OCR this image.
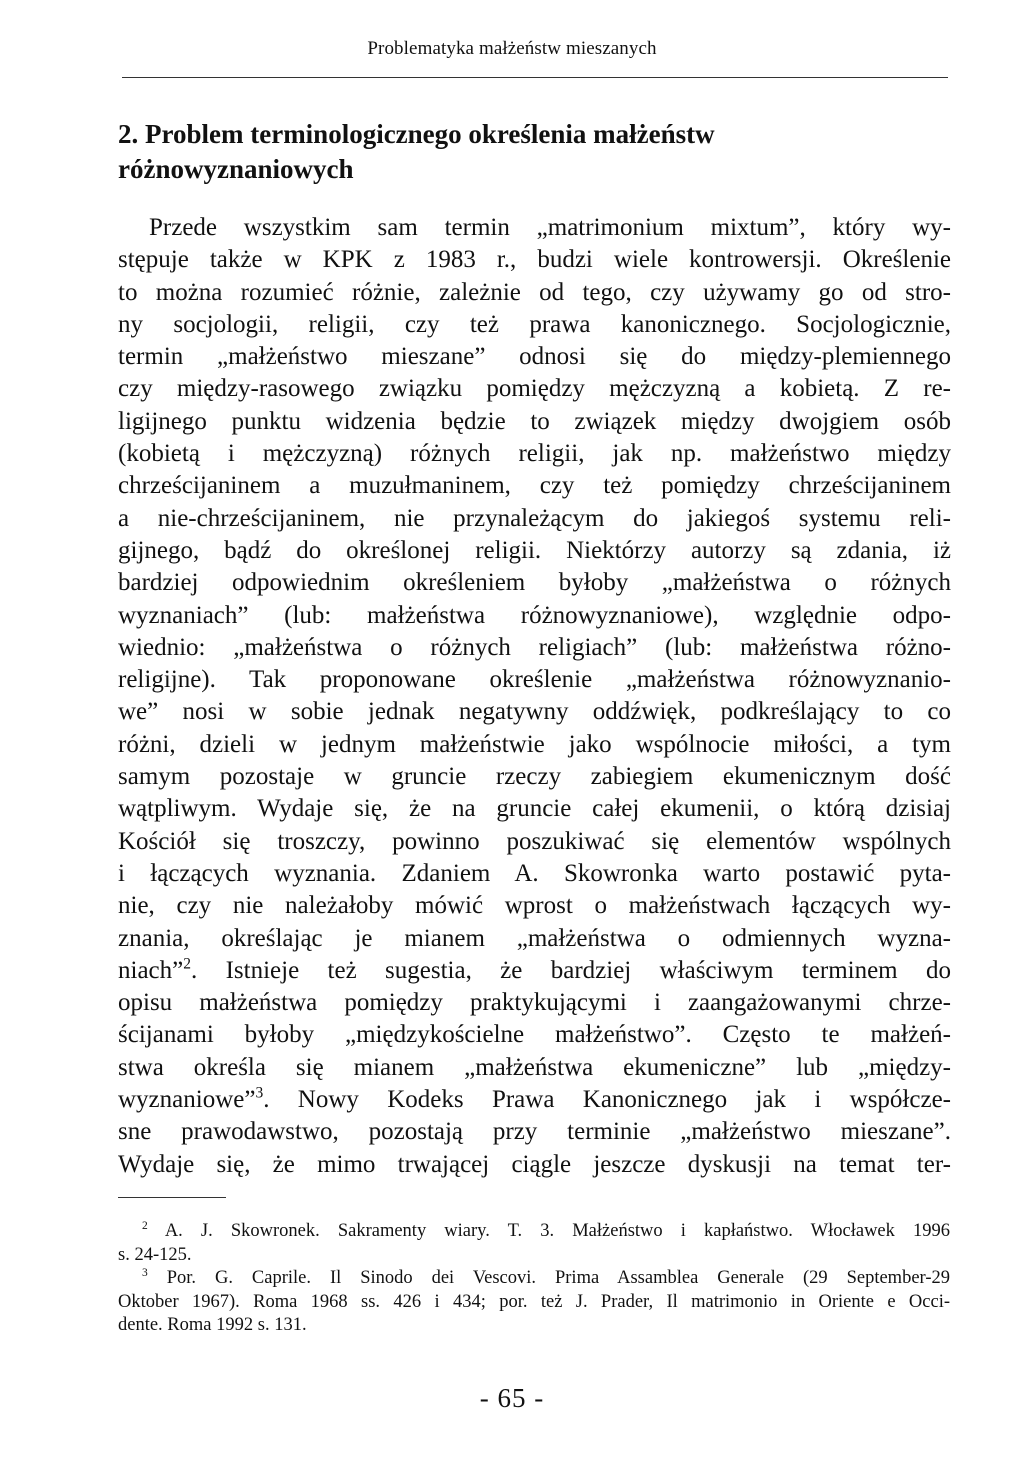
Problematyka małżeństw mieszanych
2. Problem terminologicznego określenia małżeństw
różnowyznaniowych
Przede wszystkim sam termin „matrimonium mixtum”, który wy-
stępuje także w KPK z 1983 r., budzi wiele kontrowersji. Określenie
to można rozumieć różnie, zależnie od tego, czy używamy go od stro-
ny socjologii, religii, czy też prawa kanonicznego. Socjologicznie,
termin „małżeństwo mieszane” odnosi się do między-plemiennego
czy między-rasowego związku pomiędzy mężczyzną a kobietą. Z re-
ligijnego punktu widzenia będzie to związek między dwojgiem osób
(kobietą i mężczyzną) różnych religii, jak np. małżeństwo między
chrześcijaninem a muzułmaninem, czy też pomiędzy chrześcijaninem
a nie-chrześcijaninem, nie przynależącym do jakiegoś systemu reli-
gijnego, bądź do określonej religii. Niektórzy autorzy są zdania, iż
bardziej odpowiednim określeniem byłoby „małżeństwa o różnych
wyznaniach” (lub: małżeństwa różnowyznaniowe), względnie odpo-
wiednio: „małżeństwa o różnych religiach” (lub: małżeństwa różno-
religijne). Tak proponowane określenie „małżeństwa różnowyznanio-
we” nosi w sobie jednak negatywny oddźwięk, podkreślający to co
różni, dzieli w jednym małżeństwie jako wspólnocie miłości, a tym
samym pozostaje w gruncie rzeczy zabiegiem ekumenicznym dość
wątpliwym. Wydaje się, że na gruncie całej ekumenii, o którą dzisiaj
Kościół się troszczy, powinno poszukiwać się elementów wspólnych
i łączących wyznania. Zdaniem A. Skowronka warto postawić pyta-
nie, czy nie należałoby mówić wprost o małżeństwach łączących wy-
znania, określając je mianem „małżeństwa o odmiennych wyzna-
niach”$^2$. Istnieje też sugestia, że bardziej właściwym terminem do
opisu małżeństwa pomiędzy praktykującymi i zaangażowanymi chrze-
ścijanami byłoby „międzykościelne małżeństwo”. Często te małżeń-
stwa określa się mianem „małżeństwa ekumeniczne” lub „między-
wyznaniowe”$^3$. Nowy Kodeks Prawa Kanonicznego jak i współcze-
sne prawodawstwo, pozostają przy terminie „małżeństwo mieszane”.
Wydaje się, że mimo trwającej ciągle jeszcze dyskusji na temat ter-
$^2$ A. J. Skowronek. Sakramenty wiary. T. 3. Małżeństwo i kapłaństwo. Włocławek 1996
s. 24-125.
$^3$ Por. G. Caprile. Il Sinodo dei Vescovi. Prima Assamblea Generale (29 September-29
Oktober 1967). Roma 1968 ss. 426 i 434; por. też J. Prader, Il matrimonio in Oriente e Occi-
dente. Roma 1992 s. 131.
- 65 -
